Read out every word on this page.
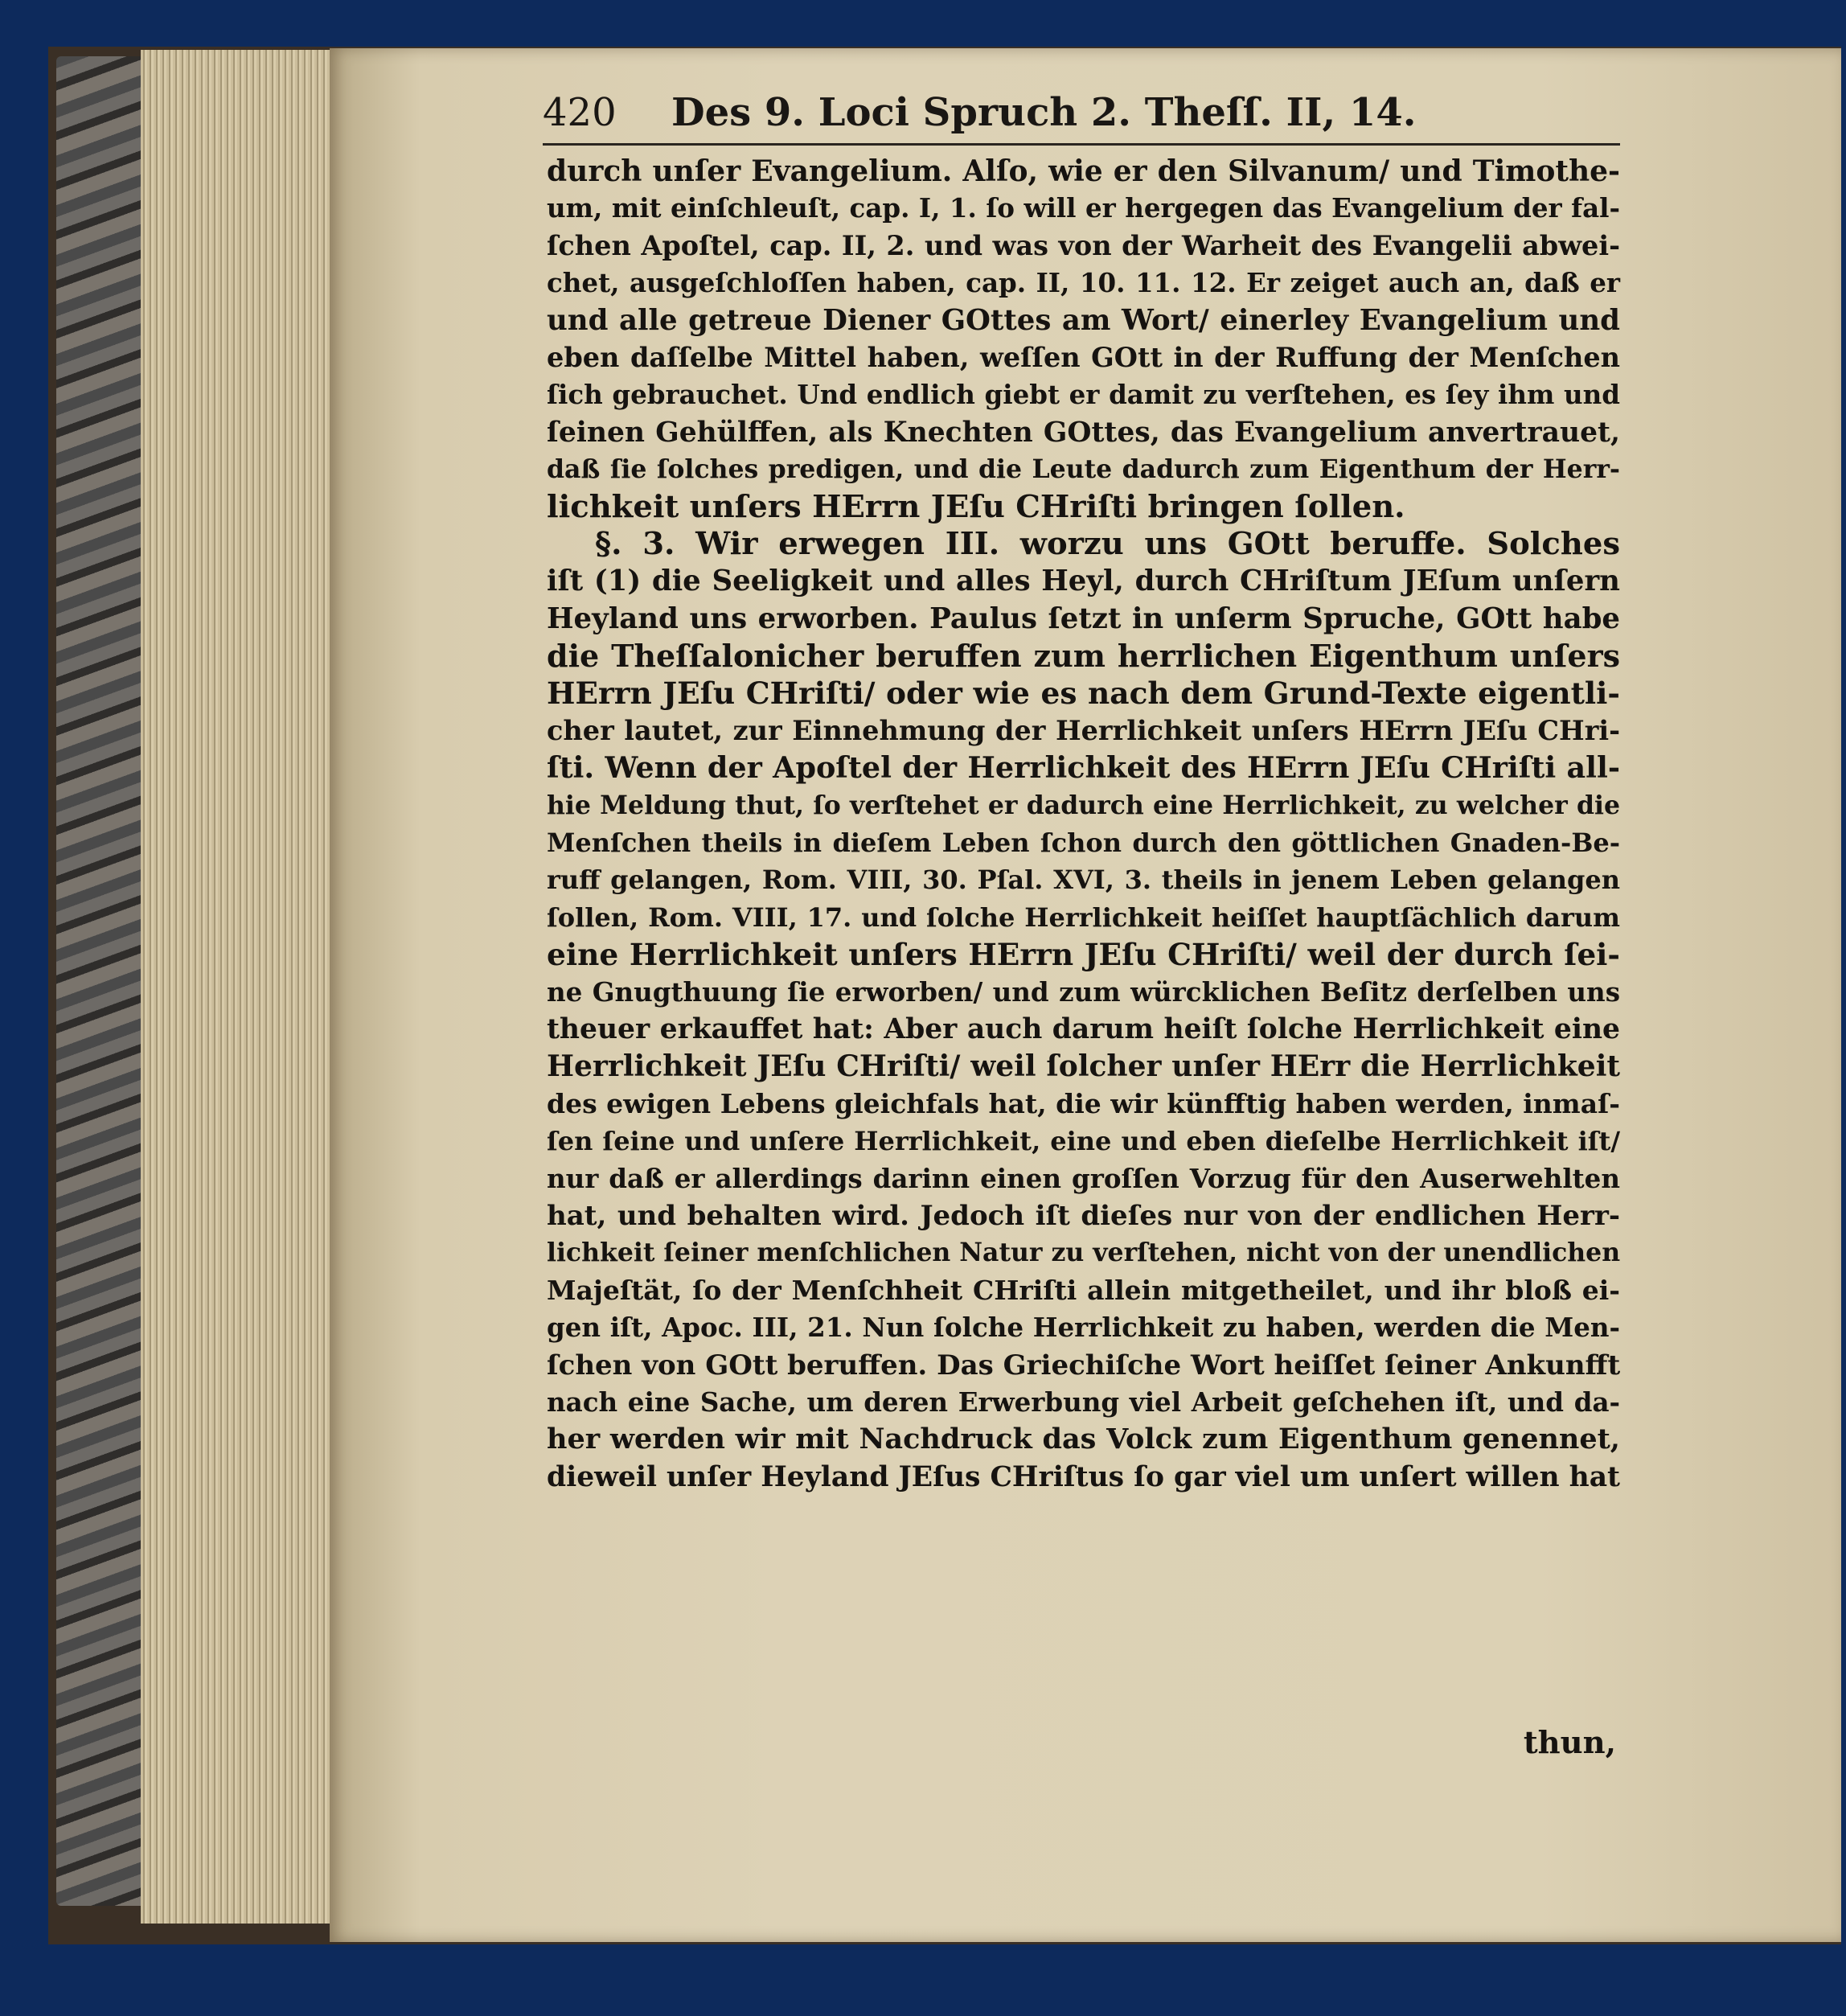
420	Des 9. Loci Spruch 2. Theſſ. II, 14.
durch unſer Evangelium. Alſo, wie er den Silvanum/ und Timothe-
um, mit einſchleuſt, cap. I, 1. ſo will er hergegen das Evangelium der fal-
ſchen Apoſtel, cap. II, 2. und was von der Warheit des Evangelii abwei-
chet, ausgeſchloſſen haben, cap. II, 10. 11. 12. Er zeiget auch an, daß er
und alle getreue Diener GOttes am Wort/ einerley Evangelium und
eben daſſelbe Mittel haben, weſſen GOtt in der Ruffung der Menſchen
ſich gebrauchet. Und endlich giebt er damit zu verſtehen, es ſey ihm und
ſeinen Gehülffen, als Knechten GOttes, das Evangelium anvertrauet,
daß ſie ſolches predigen, und die Leute dadurch zum Eigenthum der Herr-
lichkeit unſers HErrn JEſu CHriſti bringen ſollen.
§. 3. Wir erwegen III. worzu uns GOtt beruffe. Solches
iſt (1) die Seeligkeit und alles Heyl, durch CHriſtum JEſum unſern
Heyland uns erworben. Paulus ſetzt in unſerm Spruche, GOtt habe
die Theſſalonicher beruffen zum herrlichen Eigenthum unſers
HErrn JEſu CHriſti/ oder wie es nach dem Grund-Texte eigentli-
cher lautet, zur Einnehmung der Herrlichkeit unſers HErrn JEſu CHri-
ſti. Wenn der Apoſtel der Herrlichkeit des HErrn JEſu CHriſti all-
hie Meldung thut, ſo verſtehet er dadurch eine Herrlichkeit, zu welcher die
Menſchen theils in dieſem Leben ſchon durch den göttlichen Gnaden-Be-
ruff gelangen, Rom. VIII, 30. Pſal. XVI, 3. theils in jenem Leben gelangen
ſollen, Rom. VIII, 17. und ſolche Herrlichkeit heiſſet hauptſächlich darum
eine Herrlichkeit unſers HErrn JEſu CHriſti/ weil der durch ſei-
ne Gnugthuung ſie erworben/ und zum würcklichen Beſitz derſelben uns
theuer erkauffet hat: Aber auch darum heiſt ſolche Herrlichkeit eine
Herrlichkeit JEſu CHriſti/ weil ſolcher unſer HErr die Herrlichkeit
des ewigen Lebens gleichfals hat, die wir künfftig haben werden, inmaſ-
ſen ſeine und unſere Herrlichkeit, eine und eben dieſelbe Herrlichkeit iſt/
nur daß er allerdings darinn einen groſſen Vorzug für den Auserwehlten
hat, und behalten wird. Jedoch iſt dieſes nur von der endlichen Herr-
lichkeit ſeiner menſchlichen Natur zu verſtehen, nicht von der unendlichen
Majeſtät, ſo der Menſchheit CHriſti allein mitgetheilet, und ihr bloß ei-
gen iſt, Apoc. III, 21. Nun ſolche Herrlichkeit zu haben, werden die Men-
ſchen von GOtt beruffen. Das Griechiſche Wort heiſſet ſeiner Ankunfft
nach eine Sache, um deren Erwerbung viel Arbeit geſchehen iſt, und da-
her werden wir mit Nachdruck das Volck zum Eigenthum genennet,
dieweil unſer Heyland JEſus CHriſtus ſo gar viel um unſert willen hat
thun,
